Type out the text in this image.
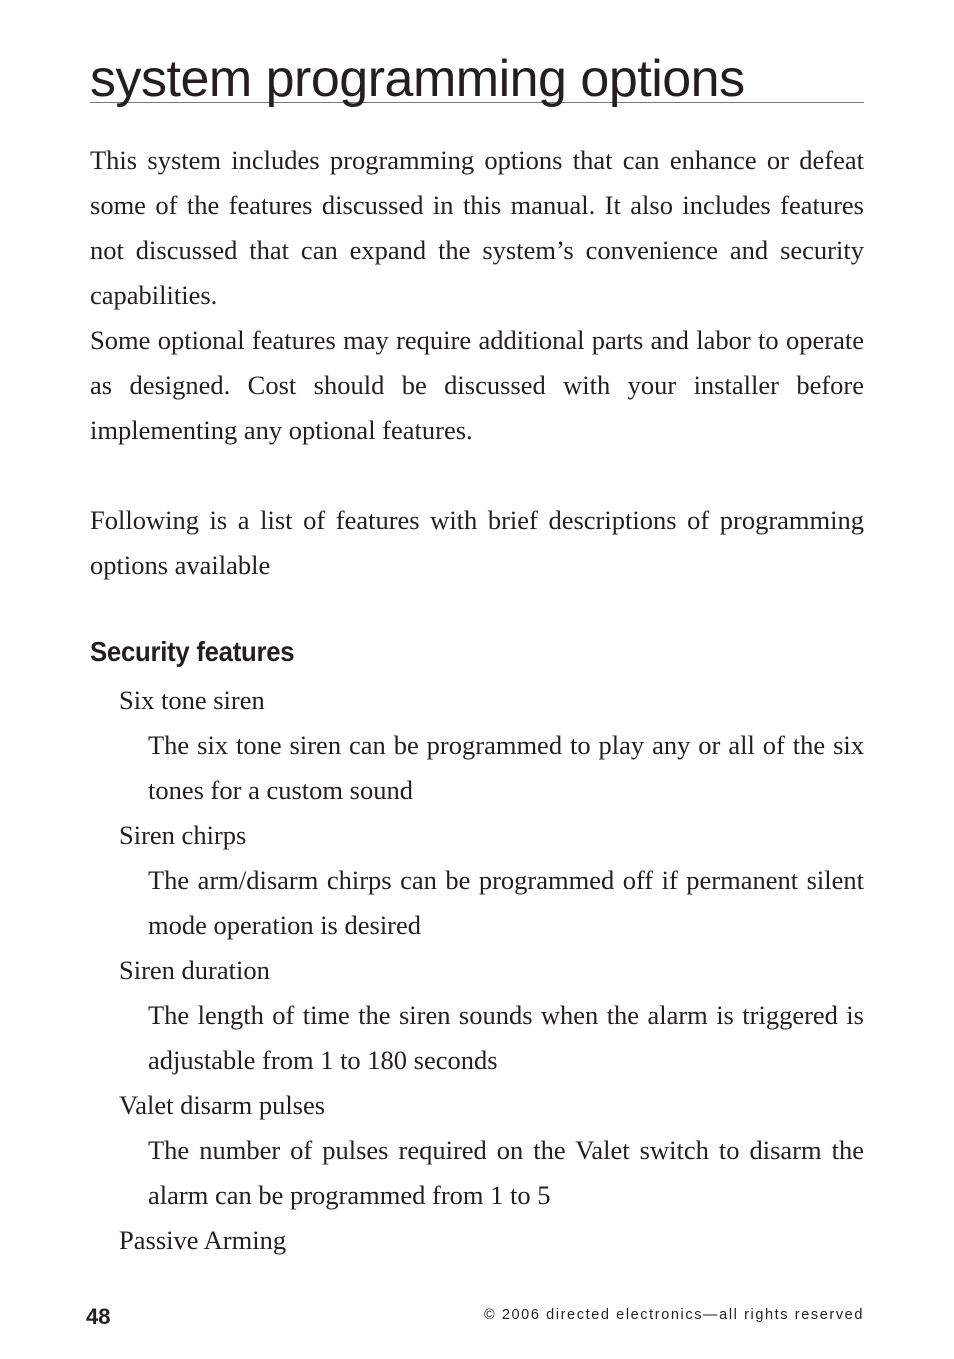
system programming options

This system includes programming options that can enhance or defeat some of the features discussed in this manual. It also includes features not discussed that can expand the system’s convenience and security capabilities.

Some optional features may require additional parts and labor to operate as designed. Cost should be discussed with your installer before implementing any optional features.

Following is a list of features with brief descriptions of programming options available

Security features

Six tone siren

The six tone siren can be programmed to play any or all of the six tones for a custom sound

Siren chirps

The arm/disarm chirps can be programmed off if permanent silent mode operation is desired

Siren duration

The length of time the siren sounds when the alarm is triggered is adjustable from 1 to 180 seconds

Valet disarm pulses

The number of pulses required on the Valet switch to disarm the alarm can be programmed from 1 to 5

Passive Arming

48	© 2006 directed electronics—all rights reserved
